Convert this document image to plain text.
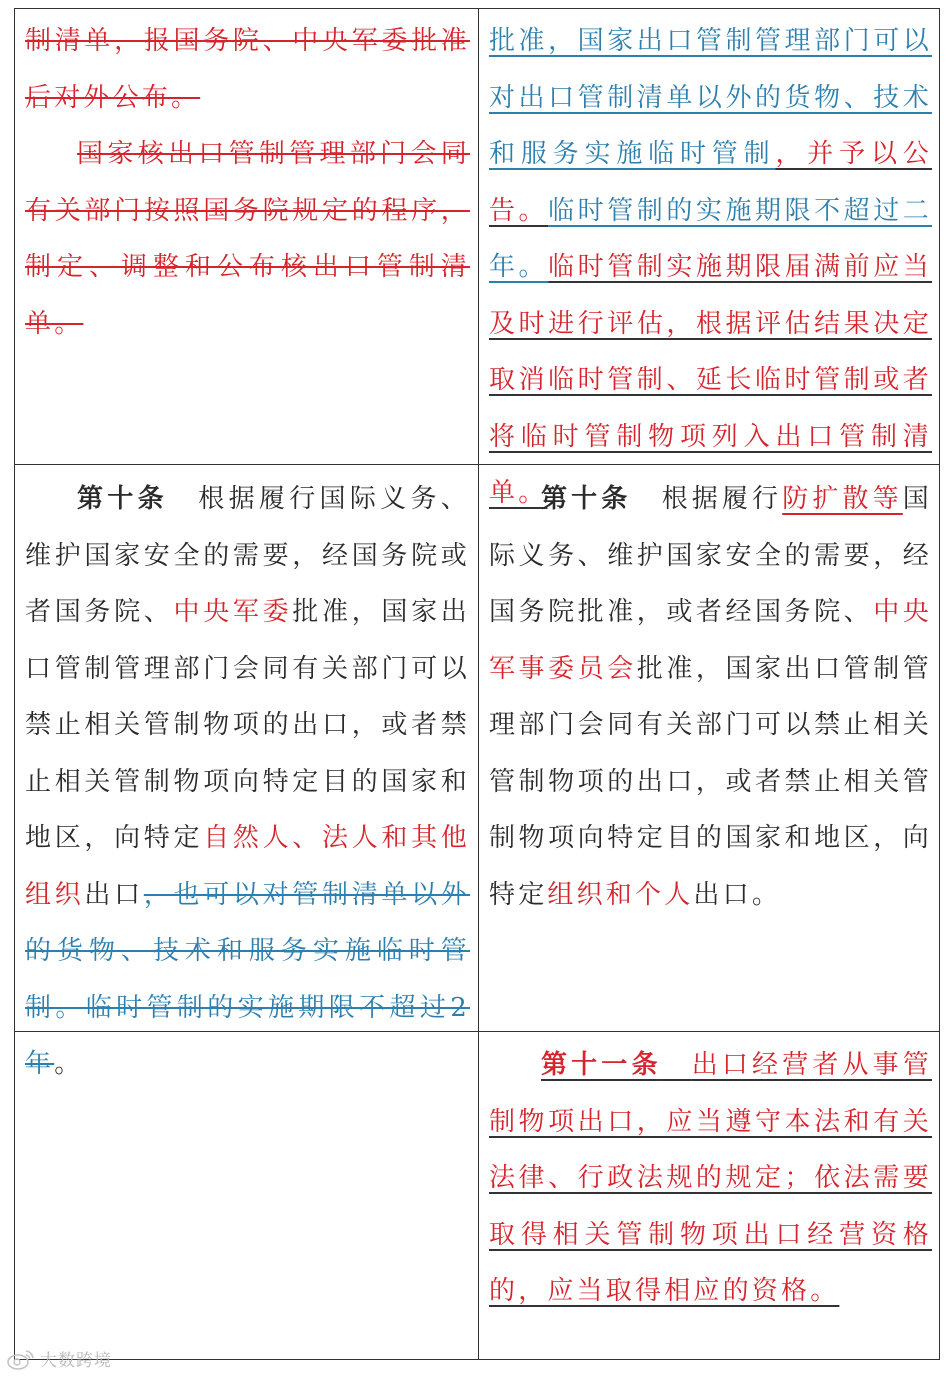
制清单，报国务院、中央军委批准后对外公布。

国家核出口管制管理部门会同有关部门按照国务院规定的程序，制定、调整和公布核出口管制清单。

批准，国家出口管制管理部门可以对出口管制清单以外的货物、技术和服务实施临时管制，并予以公告。临时管制的实施期限不超过二年。临时管制实施期限届满前应当及时进行评估，根据评估结果决定取消临时管制、延长临时管制或者将临时管制物项列入出口管制清单。

第十条　 根据履行国际义务、维护国家安全的需要，经国务院或者国务院、中央军委批准，国家出口管制管理部门会同有关部门可以禁止相关管制物项的出口，或者禁止相关管制物项向特定目的国家和地区，向特定自然人、法人和其他组织出口，也可以对管制清单以外的货物、技术和服务实施临时管制。临时管制的实施期限不超过2年。

第十条　 根据履行防扩散等国际义务、维护国家安全的需要，经国务院批准，或者经国务院、中央军事委员会批准，国家出口管制管理部门会同有关部门可以禁止相关管制物项的出口，或者禁止相关管制物项向特定目的国家和地区，向特定组织和个人出口。

第十一条　 出口经营者从事管制物项出口，应当遵守本法和有关法律、行政法规的规定；依法需要取得相关管制物项出口经营资格的，应当取得相应的资格。

大数跨境
